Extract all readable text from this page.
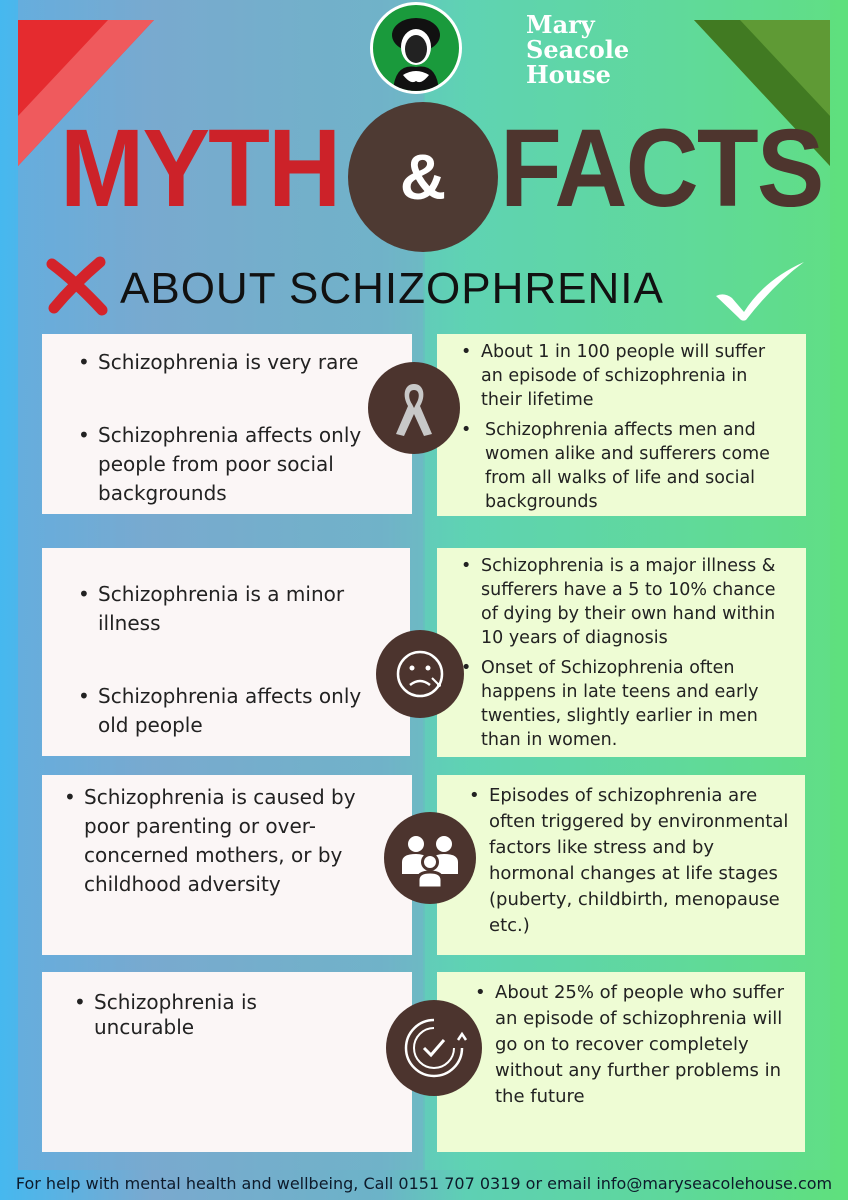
Mary
Seacole
House
MYTH & FACTS
ABOUT SCHIZOPHRENIA
• Schizophrenia is very rare
• Schizophrenia affects only people from poor social backgrounds
• About 1 in 100 people will suffer an episode of schizophrenia in their lifetime
• Schizophrenia affects men and women alike and sufferers come from all walks of life and social backgrounds
• Schizophrenia is a minor illness
• Schizophrenia affects only old people
• Schizophrenia is a major illness & sufferers have a 5 to 10% chance of dying by their own hand within 10 years of diagnosis
• Onset of Schizophrenia often happens in late teens and early twenties, slightly earlier in men than in women.
• Schizophrenia is caused by poor parenting or over-concerned mothers, or by childhood adversity
• Episodes of schizophrenia are often triggered by environmental factors like stress and by hormonal changes at life stages (puberty, childbirth, menopause etc.)
• Schizophrenia is uncurable
• About 25% of people who suffer an episode of schizophrenia will go on to recover completely without any further problems in the future
For help with mental health and wellbeing, Call 0151 707 0319 or email info@maryseacolehouse.com
